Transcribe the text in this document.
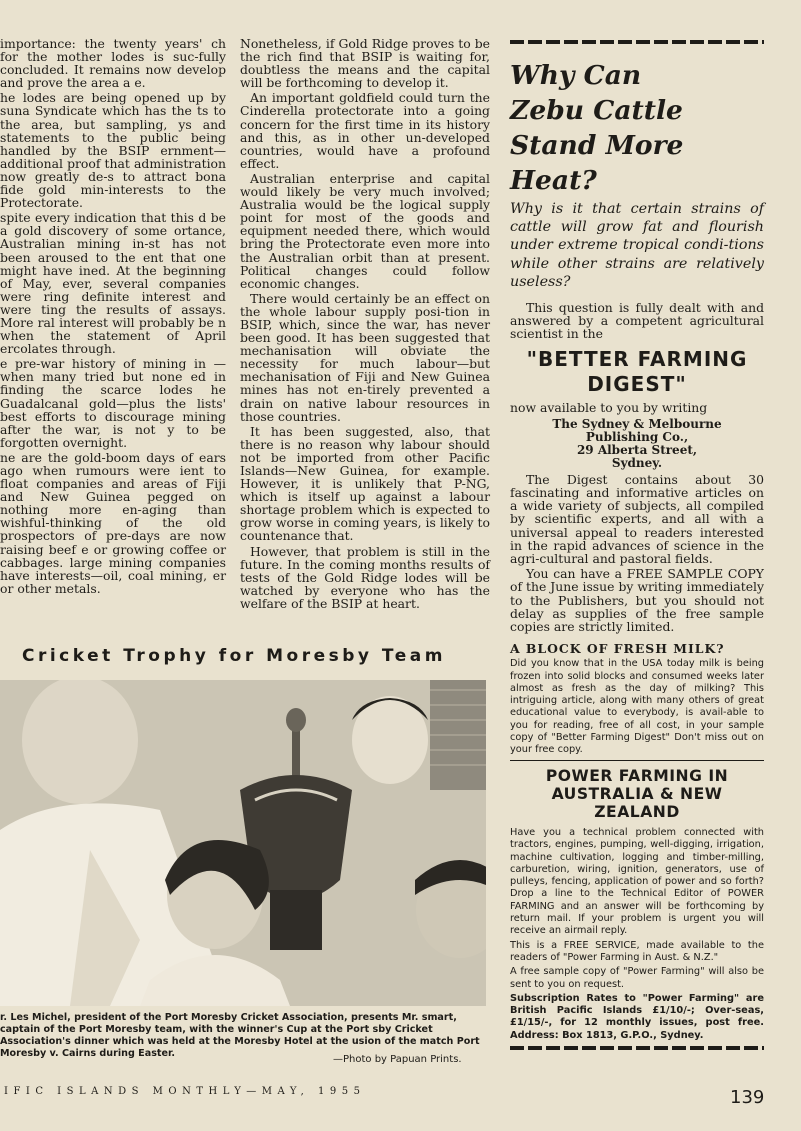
importance: the twenty years' ch for the mother lodes is suc-fully concluded. It remains now develop and prove the area a e.

he lodes are being opened up by suna Syndicate which has the ts to the area, but sampling, ys and statements to the public being handled by the BSIP ernment—additional proof that administration now greatly de-s to attract bona fide gold min-interests to the Protectorate.

spite every indication that this d be a gold discovery of some ortance, Australian mining in-st has not been aroused to the ent that one might have ined. At the beginning of May, ever, several companies were ring definite interest and were ting the results of assays. More ral interest will probably be n when the statement of April ercolates through.

e pre-war history of mining in —when many tried but none ed in finding the scarce lodes he Guadalcanal gold—plus the lists' best efforts to discourage mining after the war, is not y to be forgotten overnight.

ne are the gold-boom days of ears ago when rumours were ient to float companies and areas of Fiji and New Guinea pegged on nothing more en-aging than wishful-thinking of the old prospectors of pre-days are now raising beef e or growing coffee or cabbages. large mining companies have interests—oil, coal mining, er or other metals.

Nonetheless, if Gold Ridge proves to be the rich find that BSIP is waiting for, doubtless the means and the capital will be forthcoming to develop it.

An important goldfield could turn the Cinderella protectorate into a going concern for the first time in its history and this, as in other un-developed countries, would have a profound effect.

Australian enterprise and capital would likely be very much involved; Australia would be the logical supply point for most of the goods and equipment needed there, which would bring the Protectorate even more into the Australian orbit than at present. Political changes could follow economic changes.

There would certainly be an effect on the whole labour supply posi-tion in BSIP, which, since the war, has never been good. It has been suggested that mechanisation will obviate the necessity for much labour—but mechanisation of Fiji and New Guinea mines has not en-tirely prevented a drain on native labour resources in those countries.

It has been suggested, also, that there is no reason why labour should not be imported from other Pacific Islands—New Guinea, for example. However, it is unlikely that P-NG, which is itself up against a labour shortage problem which is expected to grow worse in coming years, is likely to countenance that.

However, that problem is still in the future. In the coming months results of tests of the Gold Ridge lodes will be watched by everyone who has the welfare of the BSIP at heart.

Why Can

Zebu Cattle

Stand More Heat?

Why is it that certain strains of cattle will grow fat and flourish under extreme tropical condi-tions while other strains are relatively useless?

This question is fully dealt with and answered by a competent agricultural scientist in the

"BETTER FARMING DIGEST"

now available to you by writing

The Sydney & Melbourne
Publishing Co.,
29 Alberta Street,
Sydney.

The Digest contains about 30 fascinating and informative articles on a wide variety of subjects, all compiled by scientific experts, and all with a universal appeal to readers interested in the rapid advances of science in the agri-cultural and pastoral fields.

You can have a FREE SAMPLE COPY of the June issue by writing immediately to the Publishers, but you should not delay as supplies of the free sample copies are strictly limited.

A BLOCK OF FRESH MILK?

Did you know that in the USA today milk is being frozen into solid blocks and consumed weeks later almost as fresh as the day of milking? This intriguing article, along with many others of great educational value to everybody, is avail-able to you for reading, free of all cost, in your sample copy of "Better Farming Digest" Don't miss out on your free copy.

POWER FARMING IN
AUSTRALIA & NEW
ZEALAND

Have you a technical problem connected with tractors, engines, pumping, well-digging, irrigation, machine cultivation, logging and timber-milling, carburetion, wiring, ignition, generators, use of pulleys, fencing, application of power and so forth? Drop a line to the Technical Editor of POWER FARMING and an answer will be forthcoming by return mail. If your problem is urgent you will receive an airmail reply.

This is a FREE SERVICE, made available to the readers of "Power Farming in Aust. & N.Z."

A free sample copy of "Power Farming" will also be sent to you on request.

Subscription Rates to "Power Farming" are British Pacific Islands £1/10/-; Over-seas, £1/15/-, for 12 monthly issues, post free. Address: Box 1813, G.P.O., Sydney.

Cricket Trophy for Moresby Team
r. Les Michel, president of the Port Moresby Cricket Association, presents Mr. smart, captain of the Port Moresby team, with the winner's Cup at the Port sby Cricket Association's dinner which was held at the Moresby Hotel at the usion of the match Port Moresby v. Cairns during Easter.
—Photo by Papuan Prints.
IFIC ISLANDS MONTHLY—MAY, 1955	139
